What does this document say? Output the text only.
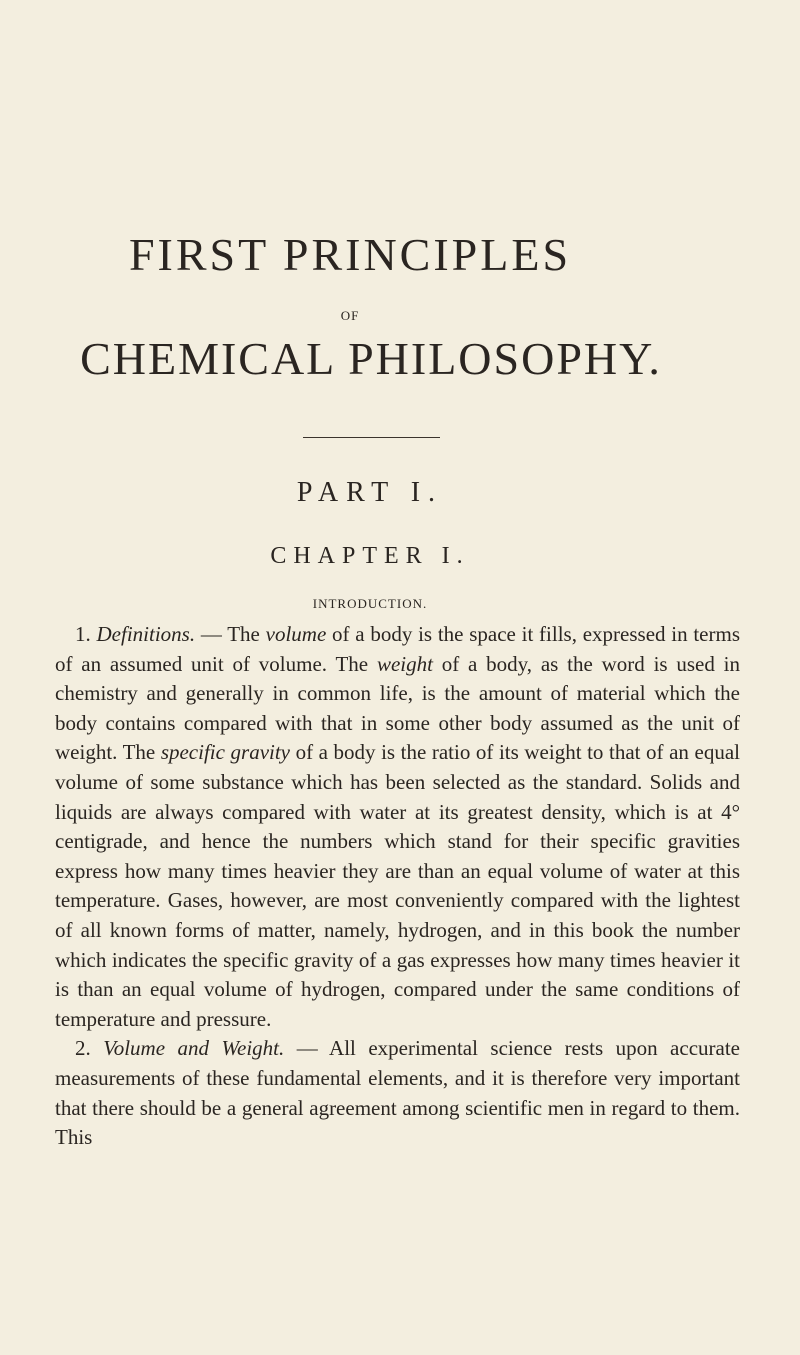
FIRST PRINCIPLES
OF
CHEMICAL PHILOSOPHY.
PART I.
CHAPTER I.
INTRODUCTION.

1. Definitions. — The volume of a body is the space it fills, expressed in terms of an assumed unit of volume. The weight of a body, as the word is used in chemistry and generally in common life, is the amount of material which the body contains compared with that in some other body assumed as the unit of weight. The specific gravity of a body is the ratio of its weight to that of an equal volume of some substance which has been selected as the standard. Solids and liquids are always compared with water at its greatest density, which is at 4° centigrade, and hence the numbers which stand for their specific gravities express how many times heavier they are than an equal volume of water at this temperature. Gases, however, are most conveniently compared with the lightest of all known forms of matter, namely, hydrogen, and in this book the number which indicates the specific gravity of a gas expresses how many times heavier it is than an equal volume of hydrogen, compared under the same conditions of temperature and pressure.

2. Volume and Weight. — All experimental science rests upon accurate measurements of these fundamental elements, and it is therefore very important that there should be a general agreement among scientific men in regard to them. This
